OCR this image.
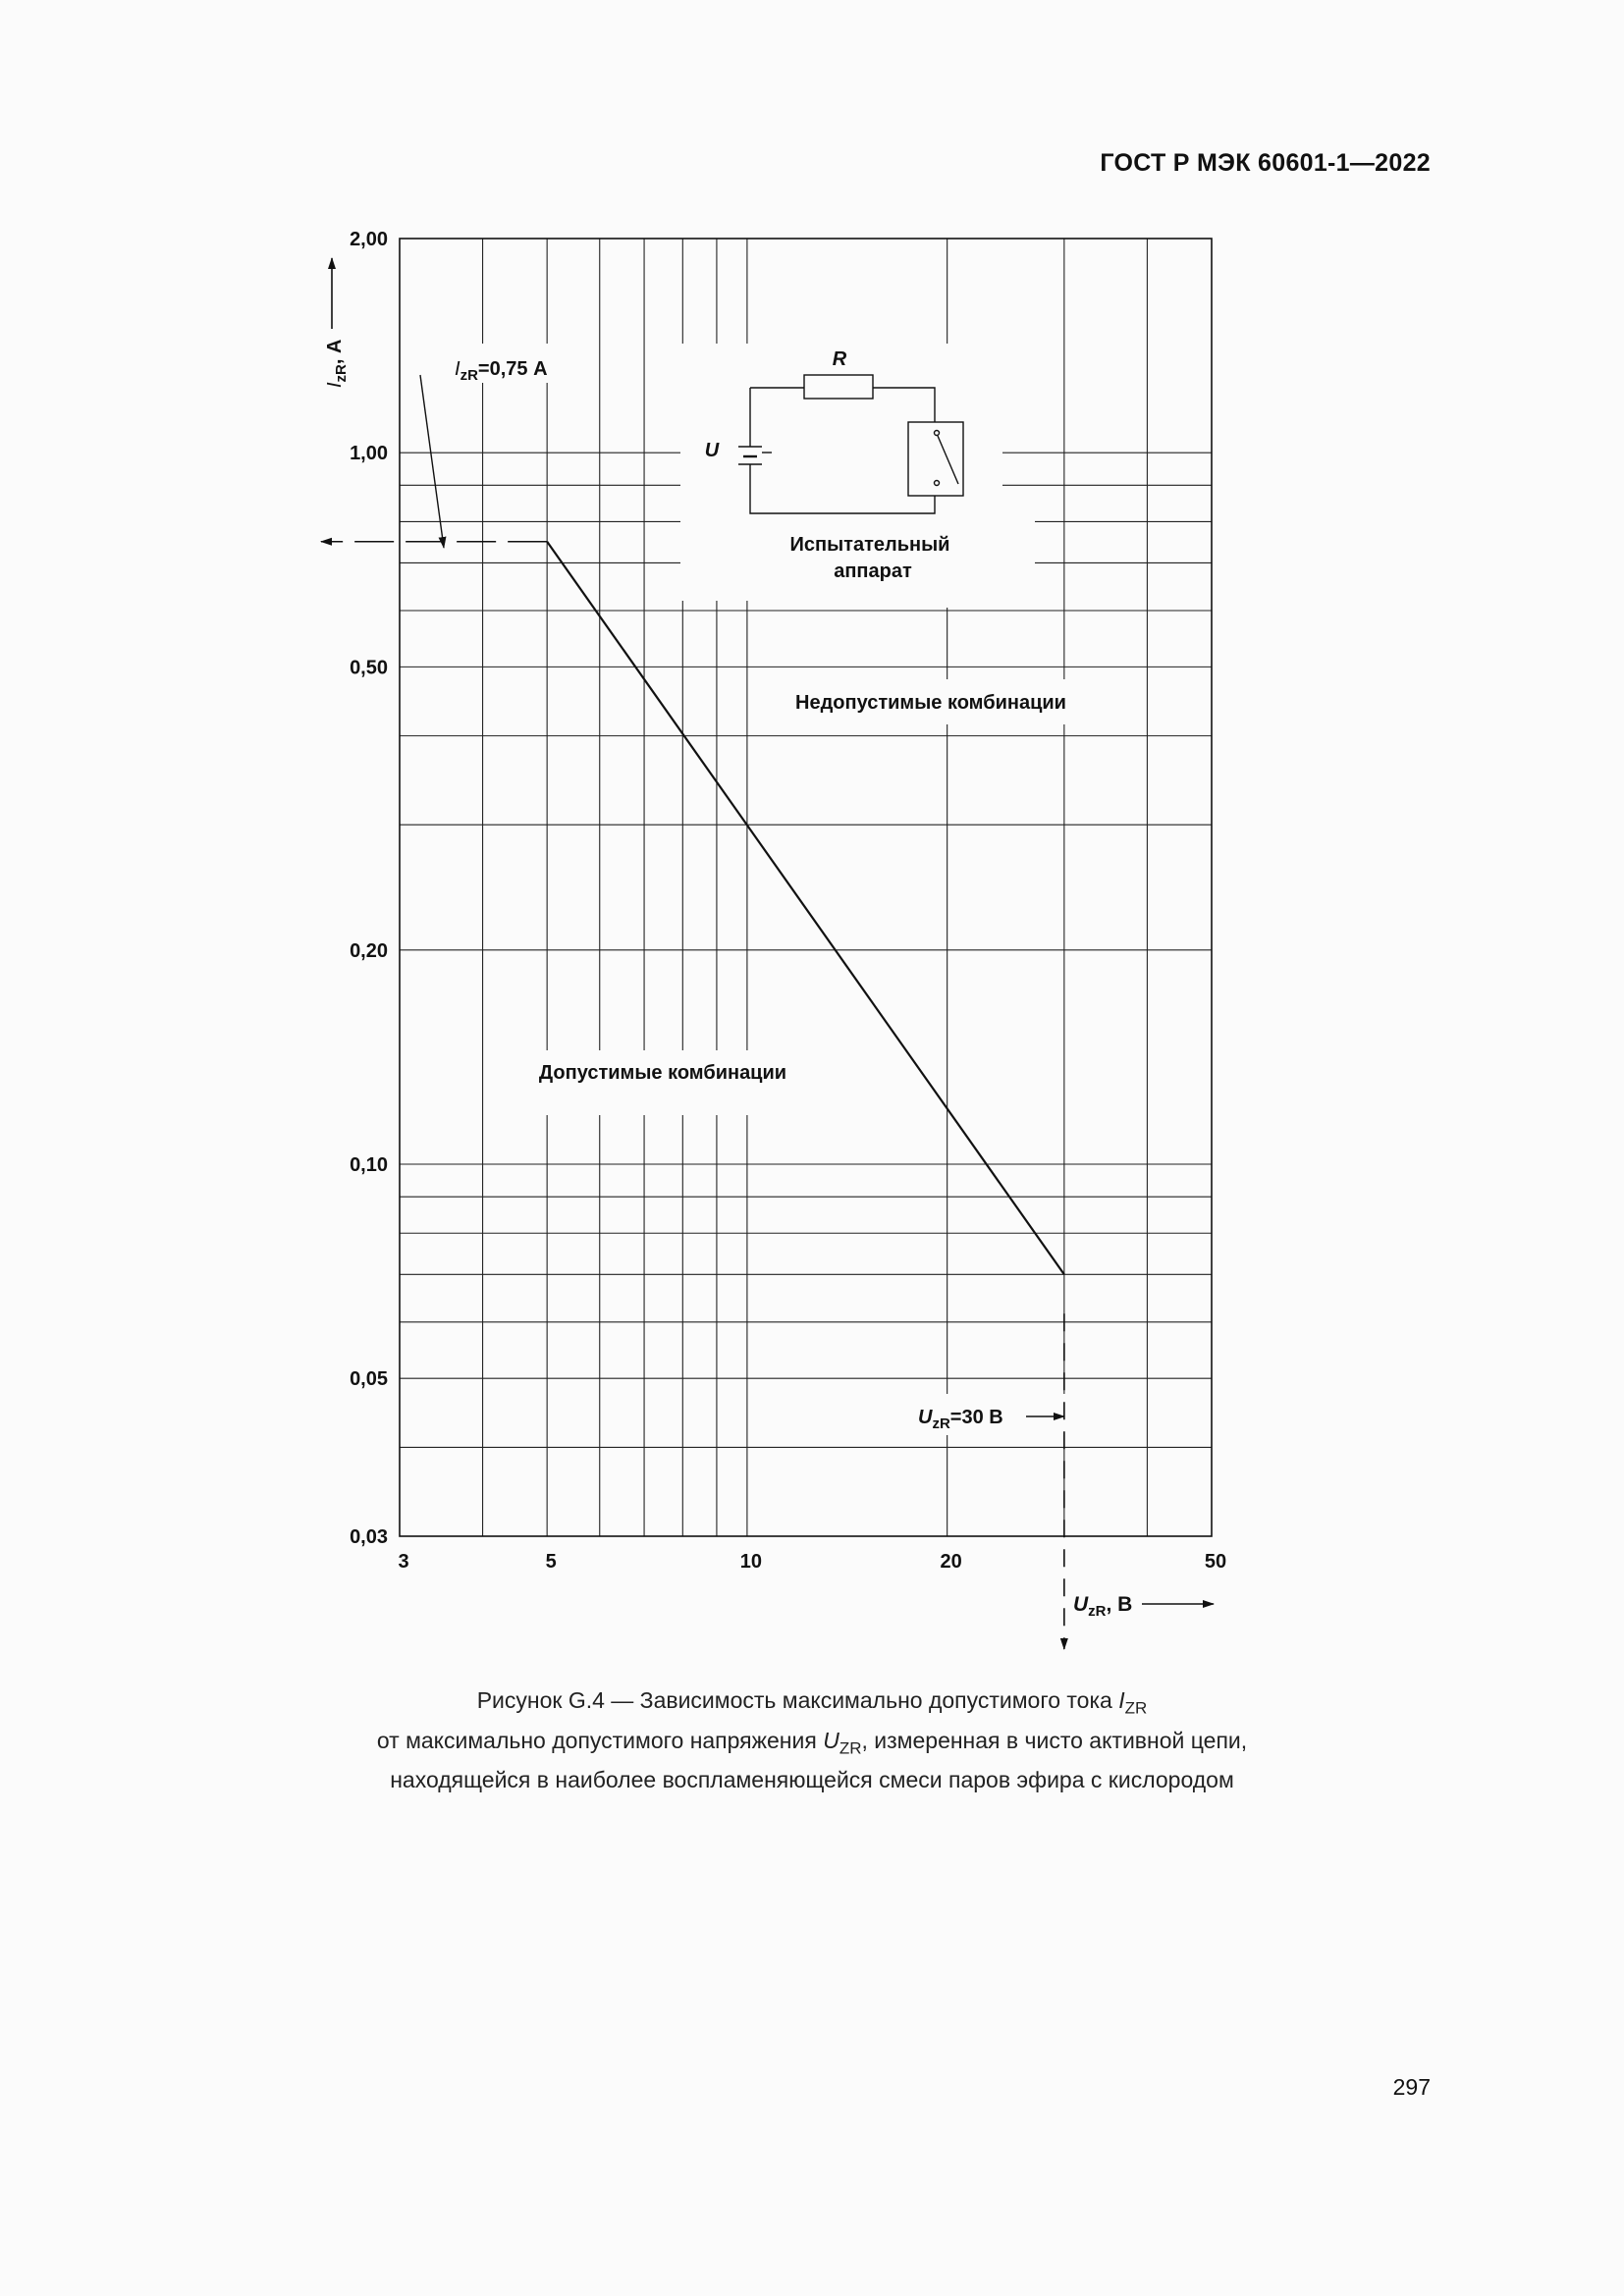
ГОСТ Р МЭК 60601-1—2022
2,00
1,00
0,50
0,20
0,10
0,05
0,03
3	5	10	20	50
$I_{zR}$, А
$U_{zR}$, В
$I_{zR}=0,75$ А
$U_{zR}=30$ В
Недопустимые комбинации
Допустимые комбинации
R
U
Испытательный
аппарат
Рисунок G.4 — Зависимость максимально допустимого тока $I_{ZR}$
от максимально допустимого напряжения $U_{ZR}$, измеренная в чисто активной цепи,
находящейся в наиболее воспламеняющейся смеси паров эфира с кислородом
297
